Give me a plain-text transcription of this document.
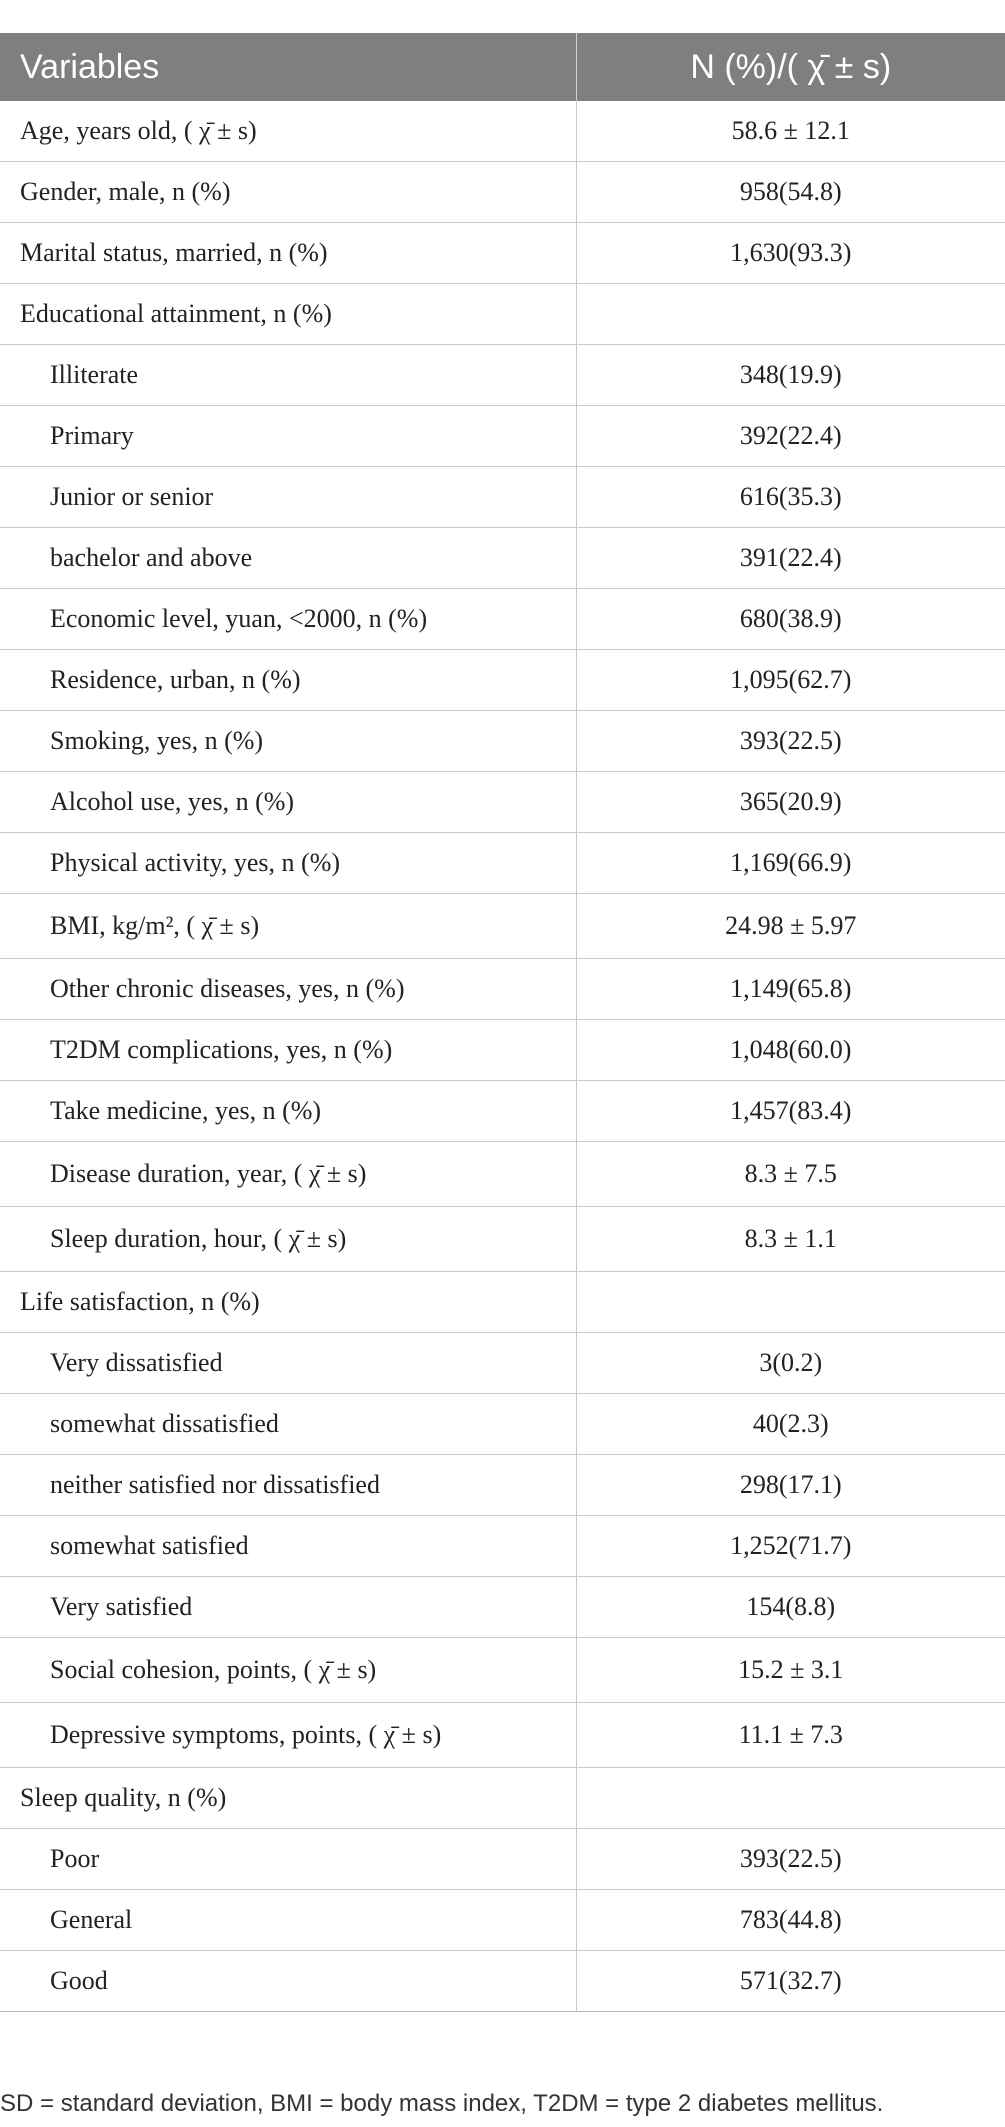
Variables	N (%)/( χ̄ ± s)
Age, years old, ( χ̄ ± s)	58.6 ± 12.1
Gender, male, n (%)	958(54.8)
Marital status, married, n (%)	1,630(93.3)
Educational attainment, n (%)	
Illiterate	348(19.9)
Primary	392(22.4)
Junior or senior	616(35.3)
bachelor and above	391(22.4)
Economic level, yuan, <2000, n (%)	680(38.9)
Residence, urban, n (%)	1,095(62.7)
Smoking, yes, n (%)	393(22.5)
Alcohol use, yes, n (%)	365(20.9)
Physical activity, yes, n (%)	1,169(66.9)
BMI, kg/m², ( χ̄ ± s)	24.98 ± 5.97
Other chronic diseases, yes, n (%)	1,149(65.8)
T2DM complications, yes, n (%)	1,048(60.0)
Take medicine, yes, n (%)	1,457(83.4)
Disease duration, year, ( χ̄ ± s)	8.3 ± 7.5
Sleep duration, hour, ( χ̄ ± s)	8.3 ± 1.1
Life satisfaction, n (%)	
Very dissatisfied	3(0.2)
somewhat dissatisfied	40(2.3)
neither satisfied nor dissatisfied	298(17.1)
somewhat satisfied	1,252(71.7)
Very satisfied	154(8.8)
Social cohesion, points, ( χ̄ ± s)	15.2 ± 3.1
Depressive symptoms, points, ( χ̄ ± s)	11.1 ± 7.3
Sleep quality, n (%)	
Poor	393(22.5)
General	783(44.8)
Good	571(32.7)
SD = standard deviation, BMI = body mass index, T2DM = type 2 diabetes mellitus.
